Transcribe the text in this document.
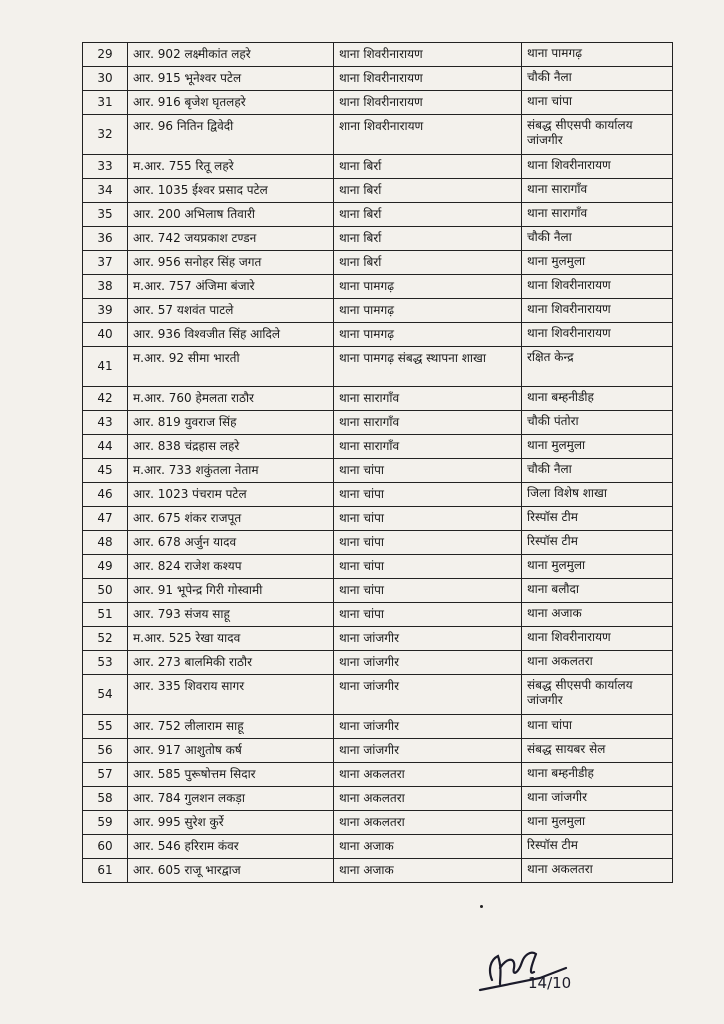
29	आर. 902 लक्ष्मीकांत लहरे	थाना शिवरीनारायण	थाना पामगढ़
30	आर. 915 भूनेश्वर पटेल	थाना शिवरीनारायण	चौकी नैला
31	आर. 916 बृजेश घृतलहरे	थाना शिवरीनारायण	थाना चांपा
32	आर. 96 नितिन द्विवेदी	शाना शिवरीनारायण	संबद्ध सीएसपी कार्यालय जांजगीर
33	म.आर. 755 रितू लहरे	थाना बिर्रा	थाना शिवरीनारायण
34	आर. 1035 ईश्वर प्रसाद पटेल	थाना बिर्रा	थाना सारागाँव
35	आर. 200 अभिलाष तिवारी	थाना बिर्रा	थाना सारागाँव
36	आर. 742 जयप्रकाश टण्डन	थाना बिर्रा	चौकी नैला
37	आर. 956 सनोहर सिंह जगत	थाना बिर्रा	थाना मुलमुला
38	म.आर. 757 अंजिमा बंजारे	थाना पामगढ़	थाना शिवरीनारायण
39	आर. 57 यशवंत पाटले	थाना पामगढ़	थाना शिवरीनारायण
40	आर. 936 विश्वजीत सिंह आदिले	थाना पामगढ़	थाना शिवरीनारायण
41	म.आर. 92 सीमा भारती	थाना पामगढ़ संबद्ध स्थापना शाखा	रक्षित केन्द्र
42	म.आर. 760 हेमलता राठौर	थाना सारागाँव	थाना बम्हनीडीह
43	आर. 819 युवराज सिंह	थाना सारागाँव	चौकी पंतोरा
44	आर. 838 चंद्रहास लहरे	थाना सारागाँव	थाना मुलमुला
45	म.आर. 733 शकुंतला नेताम	थाना चांपा	चौकी नैला
46	आर. 1023 पंचराम पटेल	थाना चांपा	जिला विशेष शाखा
47	आर. 675 शंकर राजपूत	थाना चांपा	रिस्पॉस टीम
48	आर. 678 अर्जुन यादव	थाना चांपा	रिस्पॉस टीम
49	आर. 824 राजेश कश्यप	थाना चांपा	थाना मुलमुला
50	आर. 91 भूपेन्द्र गिरी गोस्वामी	थाना चांपा	थाना बलौदा
51	आर. 793 संजय साहू	थाना चांपा	थाना अजाक
52	म.आर. 525 रेखा यादव	थाना जांजगीर	थाना शिवरीनारायण
53	आर. 273 बालमिकी राठौर	थाना जांजगीर	थाना अकलतरा
54	आर. 335 शिवराय सागर	थाना जांजगीर	संबद्ध सीएसपी कार्यालय जांजगीर
55	आर. 752 लीलाराम साहू	थाना जांजगीर	थाना चांपा
56	आर. 917 आशुतोष कर्ष	थाना जांजगीर	संबद्ध सायबर सेल
57	आर. 585 पुरूषोत्तम सिदार	थाना अकलतरा	थाना बम्हनीडीह
58	आर. 784 गुलशन लकड़ा	थाना अकलतरा	थाना जांजगीर
59	आर. 995 सुरेश कुर्रे	थाना अकलतरा	थाना मुलमुला
60	आर. 546 हरिराम कंवर	थाना अजाक	रिस्पॉस टीम
61	आर. 605 राजू भारद्वाज	थाना अजाक	थाना अकलतरा
14/10
